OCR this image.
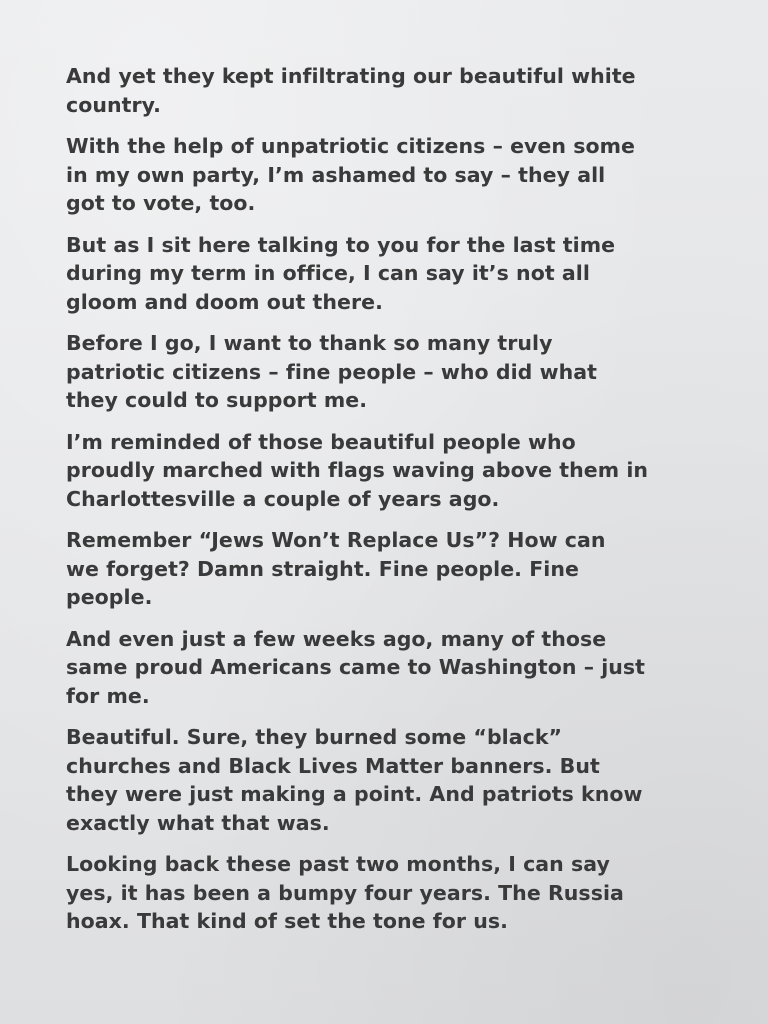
And yet they kept infiltrating our beautiful white
country.

With the help of unpatriotic citizens – even some
in my own party, I’m ashamed to say – they all
got to vote, too.

But as I sit here talking to you for the last time
during my term in office, I can say it’s not all
gloom and doom out there.

Before I go, I want to thank so many truly
patriotic citizens – fine people – who did what
they could to support me.

I’m reminded of those beautiful people who
proudly marched with flags waving above them in
Charlottesville a couple of years ago.

Remember “Jews Won’t Replace Us”? How can
we forget? Damn straight. Fine people. Fine
people.

And even just a few weeks ago, many of those
same proud Americans came to Washington – just
for me.

Beautiful. Sure, they burned some “black”
churches and Black Lives Matter banners. But
they were just making a point. And patriots know
exactly what that was.

Looking back these past two months, I can say
yes, it has been a bumpy four years. The Russia
hoax. That kind of set the tone for us.
